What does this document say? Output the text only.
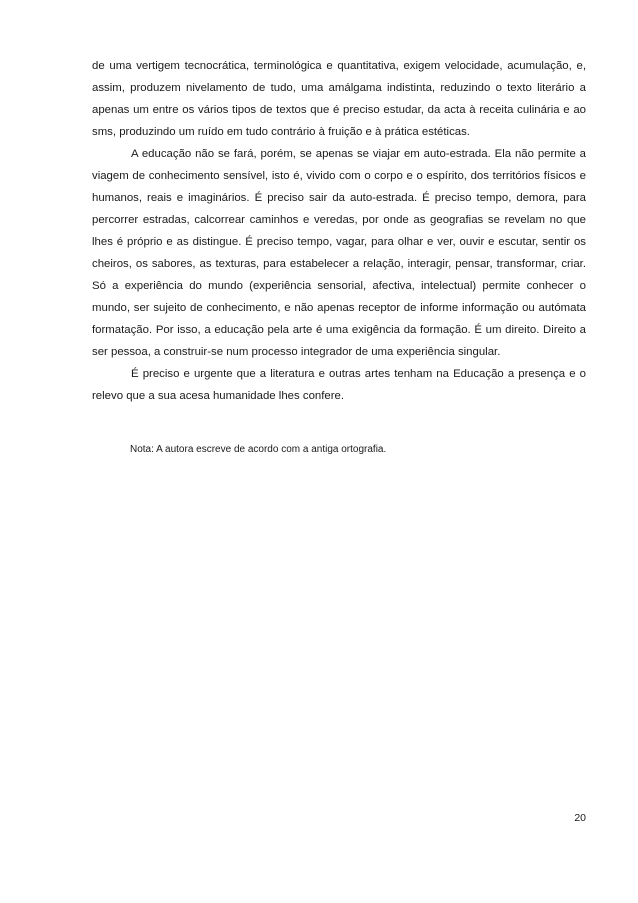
de uma vertigem tecnocrática, terminológica e quantitativa, exigem velocidade, acumulação, e, assim, produzem nivelamento de tudo, uma amálgama indistinta, reduzindo o texto literário a apenas um entre os vários tipos de textos que é preciso estudar, da acta à receita culinária e ao sms, produzindo um ruído em tudo contrário à fruição e à prática estéticas.

A educação não se fará, porém, se apenas se viajar em auto-estrada. Ela não permite a viagem de conhecimento sensível, isto é, vivido com o corpo e o espírito, dos territórios físicos e humanos, reais e imaginários. É preciso sair da auto-estrada. É preciso tempo, demora, para percorrer estradas, calcorrear caminhos e veredas, por onde as geografias se revelam no que lhes é próprio e as distingue. É preciso tempo, vagar, para olhar e ver, ouvir e escutar, sentir os cheiros, os sabores, as texturas, para estabelecer a relação, interagir, pensar, transformar, criar. Só a experiência do mundo (experiência sensorial, afectiva, intelectual) permite conhecer o mundo, ser sujeito de conhecimento, e não apenas receptor de informe informação ou autómata formatação. Por isso, a educação pela arte é uma exigência da formação. É um direito. Direito a ser pessoa, a construir-se num processo integrador de uma experiência singular.

É preciso e urgente que a literatura e outras artes tenham na Educação a presença e o relevo que a sua acesa humanidade lhes confere.

Nota: A autora escreve de acordo com a antiga ortografia.

20
